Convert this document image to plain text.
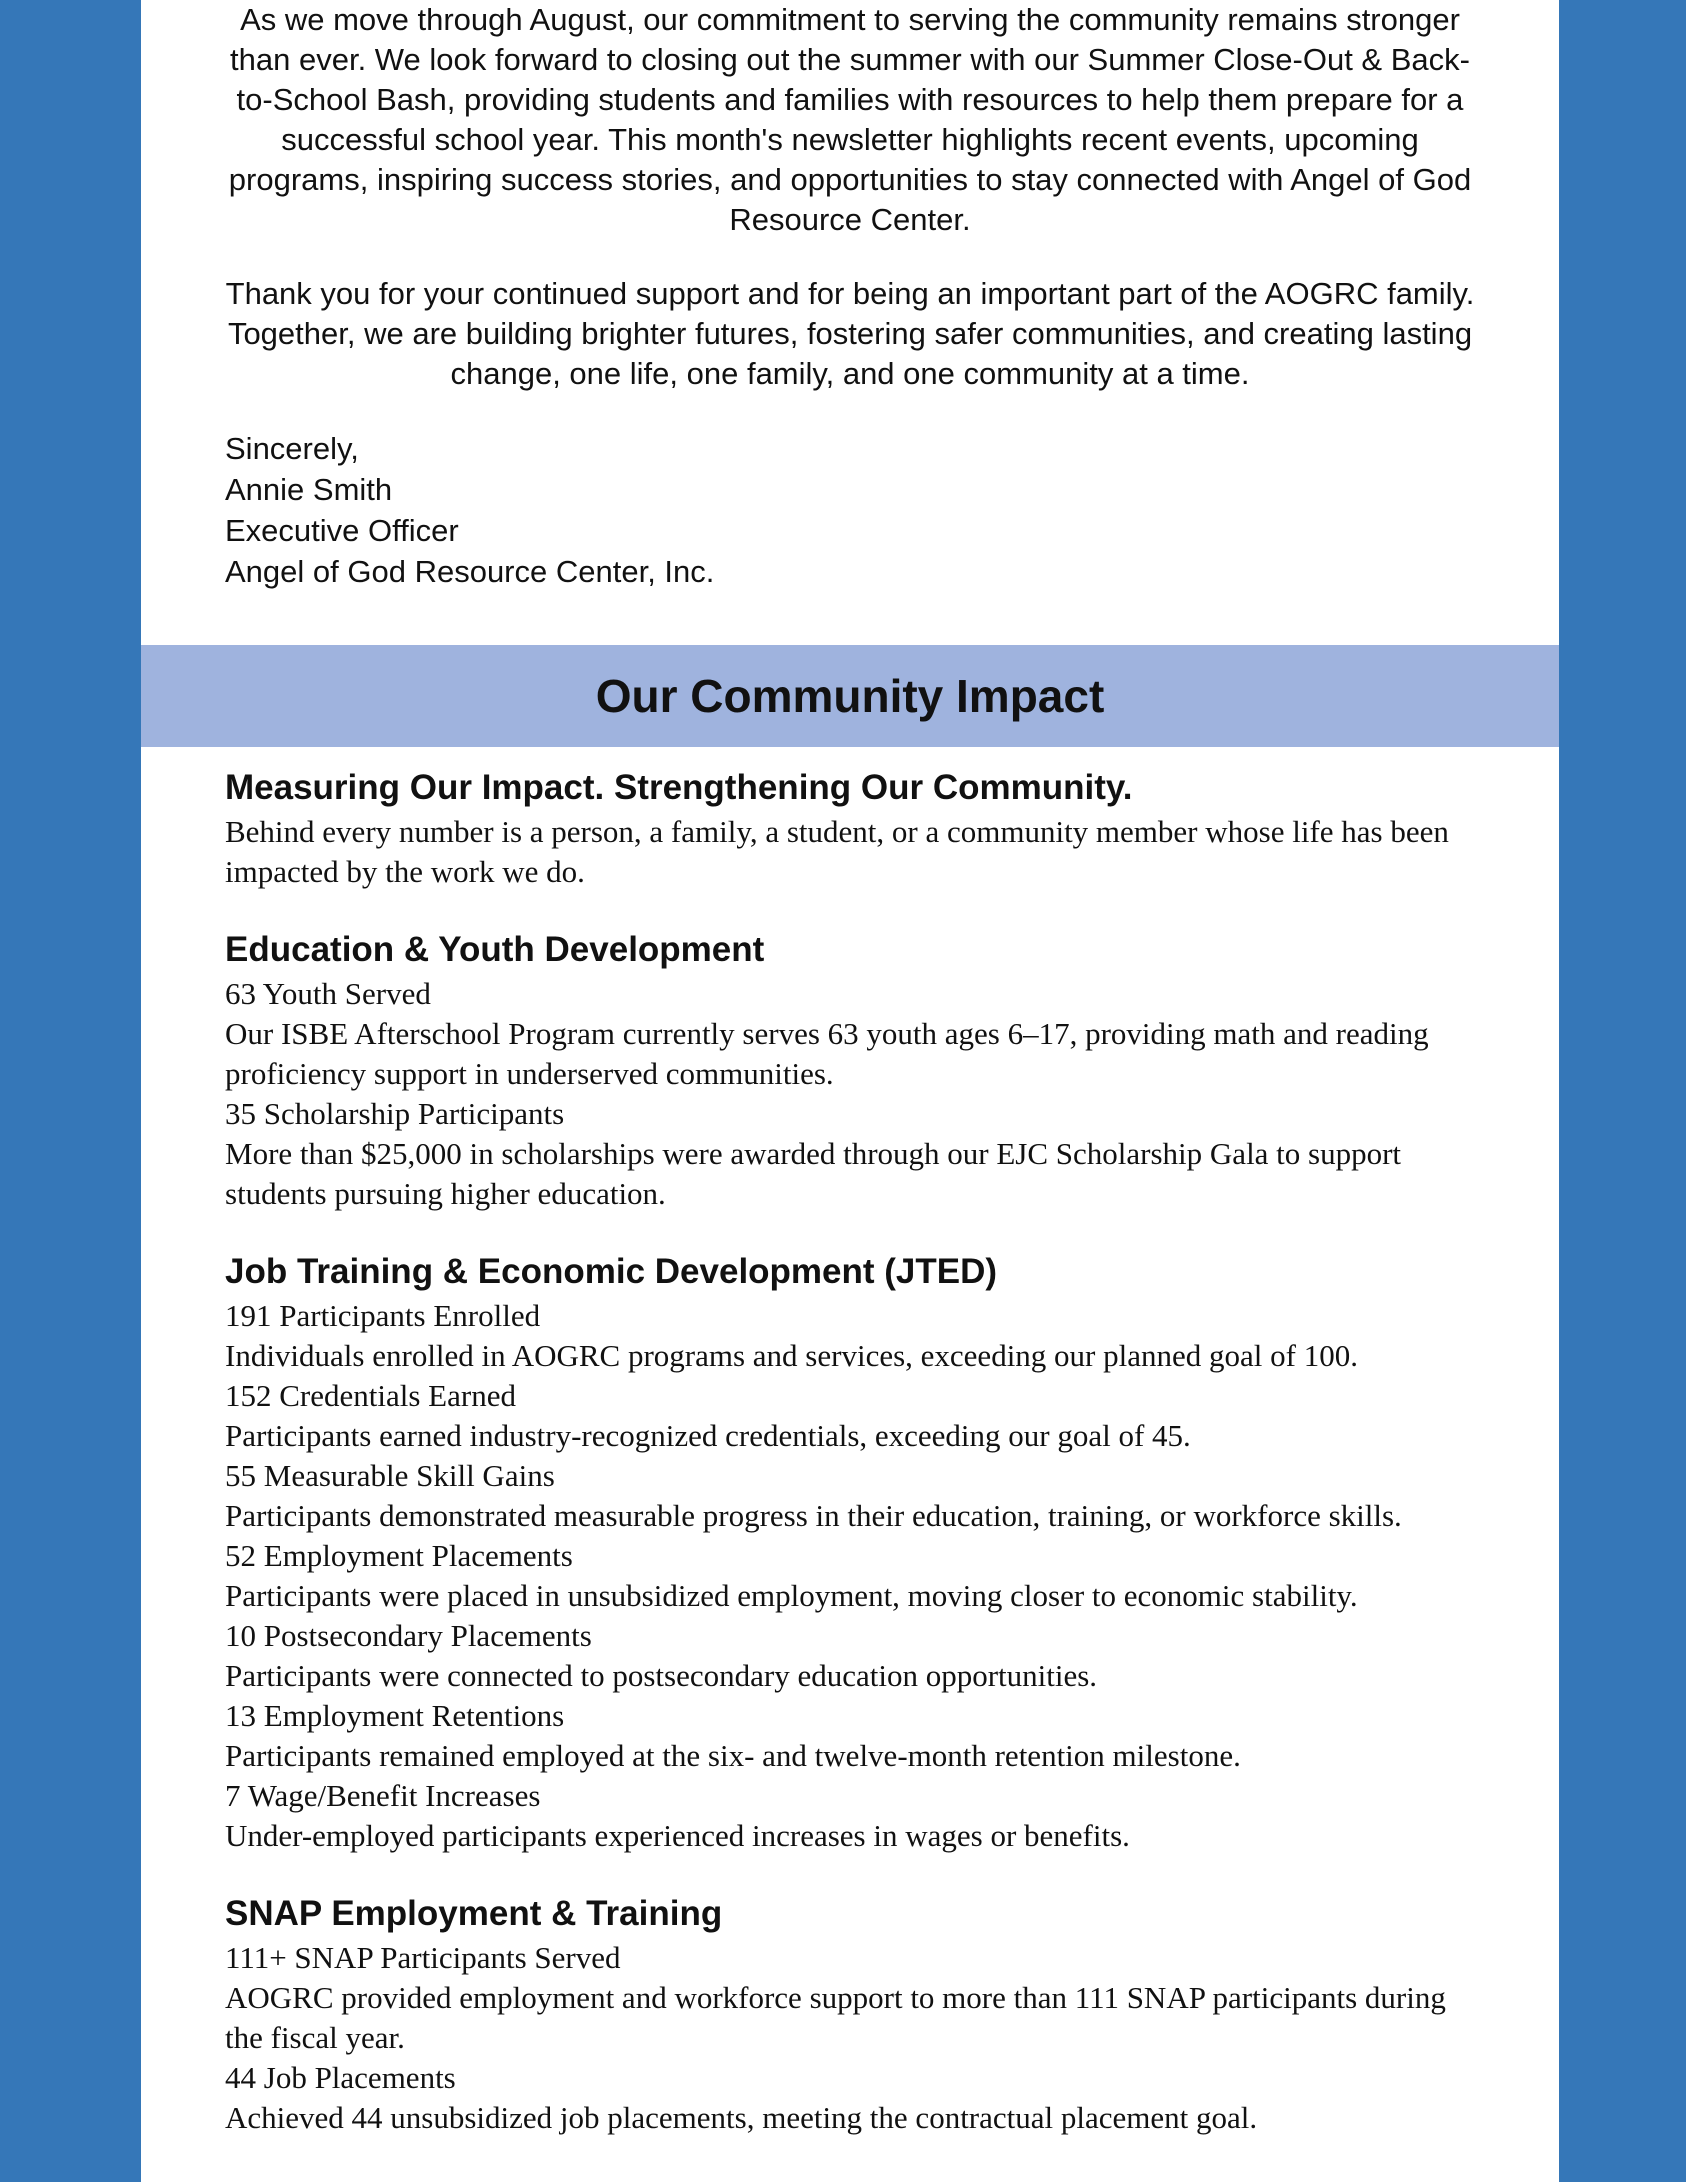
As we move through August, our commitment to serving the community remains stronger than ever. We look forward to closing out the summer with our Summer Close-Out & Back-to-School Bash, providing students and families with resources to help them prepare for a successful school year. This month's newsletter highlights recent events, upcoming programs, inspiring success stories, and opportunities to stay connected with Angel of God Resource Center.

Thank you for your continued support and for being an important part of the AOGRC family. Together, we are building brighter futures, fostering safer communities, and creating lasting change, one life, one family, and one community at a time.

Sincerely,
Annie Smith
Executive Officer
Angel of God Resource Center, Inc.
Our Community Impact

Measuring Our Impact. Strengthening Our Community.

Behind every number is a person, a family, a student, or a community member whose life has been impacted by the work we do.

Education & Youth Development

63 Youth Served

Our ISBE Afterschool Program currently serves 63 youth ages 6–17, providing math and reading proficiency support in underserved communities.

35 Scholarship Participants

More than $25,000 in scholarships were awarded through our EJC Scholarship Gala to support students pursuing higher education.

Job Training & Economic Development (JTED)

191 Participants Enrolled

Individuals enrolled in AOGRC programs and services, exceeding our planned goal of 100.

152 Credentials Earned

Participants earned industry-recognized credentials, exceeding our goal of 45.

55 Measurable Skill Gains

Participants demonstrated measurable progress in their education, training, or workforce skills.

52 Employment Placements

Participants were placed in unsubsidized employment, moving closer to economic stability.

10 Postsecondary Placements

Participants were connected to postsecondary education opportunities.

13 Employment Retentions

Participants remained employed at the six- and twelve-month retention milestone.

7 Wage/Benefit Increases

Under-employed participants experienced increases in wages or benefits.

SNAP Employment & Training

111+ SNAP Participants Served

AOGRC provided employment and workforce support to more than 111 SNAP participants during the fiscal year.

44 Job Placements

Achieved 44 unsubsidized job placements, meeting the contractual placement goal.
